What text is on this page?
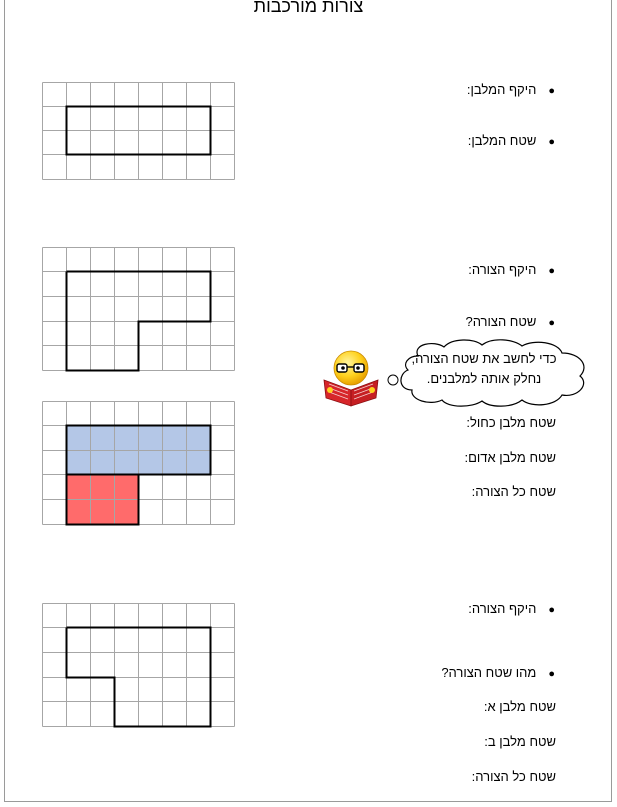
צורות מורכבות
●היקף המלבן:
●שטח המלבן:
●היקף הצורה:
●שטח הצורה?
כדי לחשב את שטח הצורה,
נחלק אותה למלבנים.
שטח מלבן כחול:
שטח מלבן אדום:
שטח כל הצורה:
●היקף הצורה:
●מהו שטח הצורה?
שטח מלבן א:
שטח מלבן ב:
שטח כל הצורה:
